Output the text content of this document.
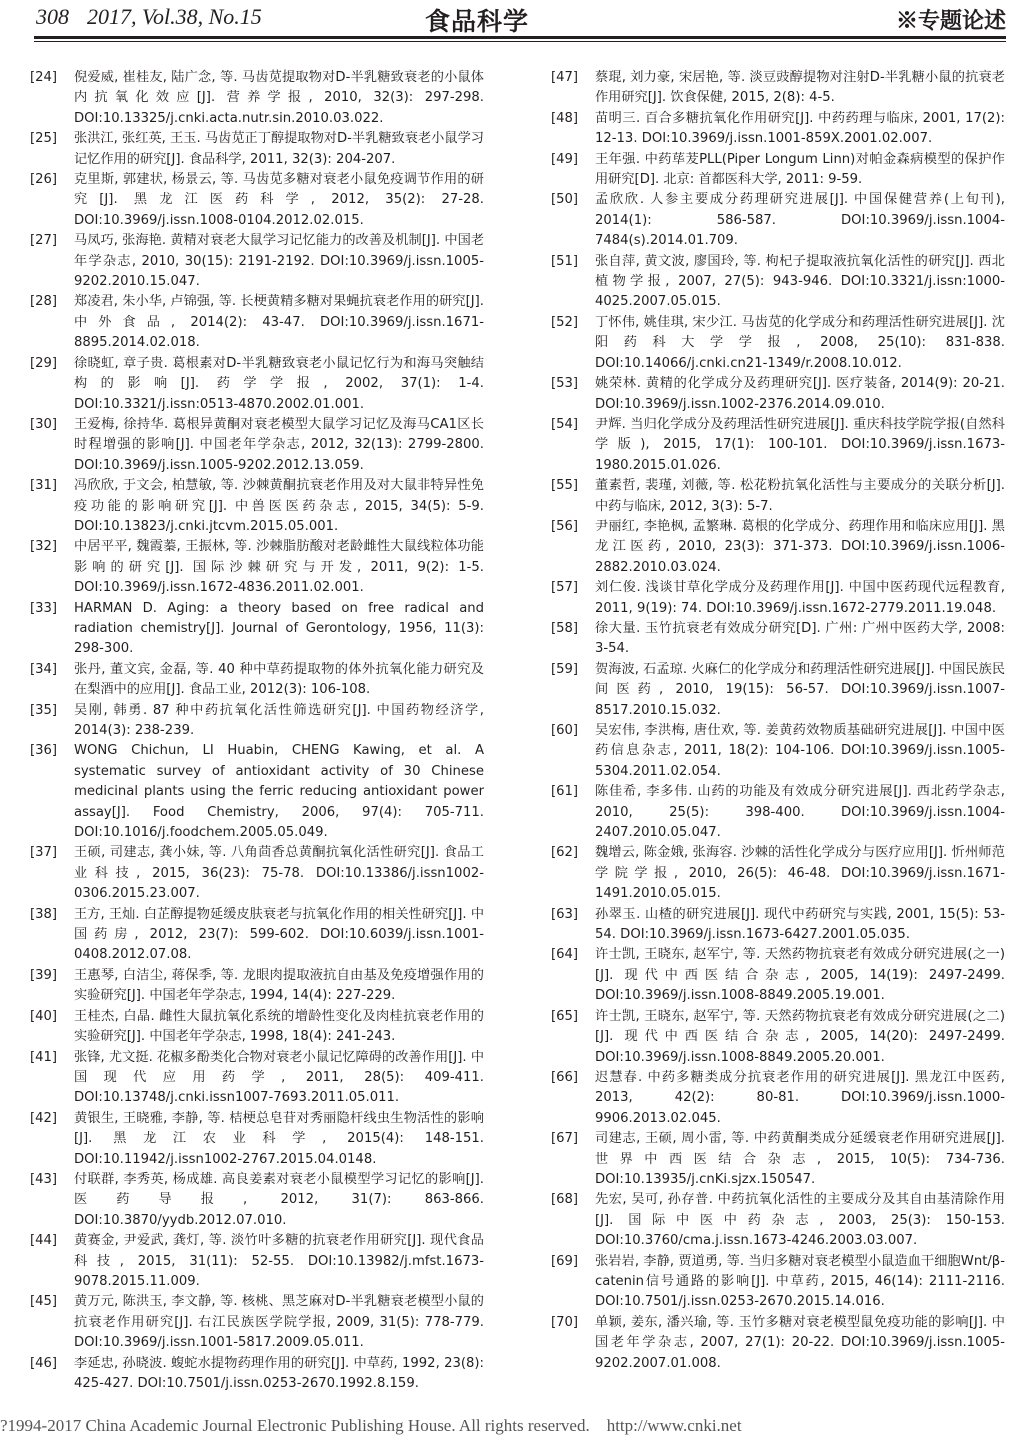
308 2017, Vol.38, No.15	食品科学	※专题论述
[24]	倪爱威, 崔桂友, 陆广念, 等. 马齿苋提取物对D-半乳糖致衰老的小鼠体内抗氧化效应[J]. 营养学报, 2010, 32(3): 297-298. DOI:10.13325/j.cnki.acta.nutr.sin.2010.03.022.
[25]	张洪江, 张红英, 王玉. 马齿苋正丁醇提取物对D-半乳糖致衰老小鼠学习记忆作用的研究[J]. 食品科学, 2011, 32(3): 204-207.
[26]	克里斯, 郭建状, 杨景云, 等. 马齿苋多糖对衰老小鼠免疫调节作用的研究[J]. 黑龙江医药科学, 2012, 35(2): 27-28. DOI:10.3969/j.issn.1008-0104.2012.02.015.
[27]	马凤巧, 张海艳. 黄精对衰老大鼠学习记忆能力的改善及机制[J]. 中国老年学杂志, 2010, 30(15): 2191-2192. DOI:10.3969/j.issn.1005-9202.2010.15.047.
[28]	郑凌君, 朱小华, 卢锦强, 等. 长梗黄精多糖对果蝇抗衰老作用的研究[J]. 中外食品, 2014(2): 43-47. DOI:10.3969/j.issn.1671-8895.2014.02.018.
[29]	徐晓虹, 章子贵. 葛根素对D-半乳糖致衰老小鼠记忆行为和海马突触结构的影响[J]. 药学学报, 2002, 37(1): 1-4. DOI:10.3321/j.issn:0513-4870.2002.01.001.
[30]	王爱梅, 徐持华. 葛根异黄酮对衰老模型大鼠学习记忆及海马CA1区长时程增强的影响[J]. 中国老年学杂志, 2012, 32(13): 2799-2800. DOI:10.3969/j.issn.1005-9202.2012.13.059.
[31]	冯欣欣, 于文会, 柏慧敏, 等. 沙棘黄酮抗衰老作用及对大鼠非特异性免疫功能的影响研究[J]. 中兽医医药杂志, 2015, 34(5): 5-9. DOI:10.13823/j.cnki.jtcvm.2015.05.001.
[32]	中居平平, 魏霞蓁, 王振林, 等. 沙棘脂肪酸对老龄雌性大鼠线粒体功能影响的研究[J]. 国际沙棘研究与开发, 2011, 9(2): 1-5. DOI:10.3969/j.issn.1672-4836.2011.02.001.
[33]	HARMAN D. Aging: a theory based on free radical and radiation chemistry[J]. Journal of Gerontology, 1956, 11(3): 298-300.
[34]	张丹, 董文宾, 金磊, 等. 40 种中草药提取物的体外抗氧化能力研究及在梨酒中的应用[J]. 食品工业, 2012(3): 106-108.
[35]	吴刚, 韩勇. 87 种中药抗氧化活性筛选研究[J]. 中国药物经济学, 2014(3): 238-239.
[36]	WONG Chichun, LI Huabin, CHENG Kawing, et al. A systematic survey of antioxidant activity of 30 Chinese medicinal plants using the ferric reducing antioxidant power assay[J]. Food Chemistry, 2006, 97(4): 705-711. DOI:10.1016/j.foodchem.2005.05.049.
[37]	王硕, 司建志, 龚小妹, 等. 八角茴香总黄酮抗氧化活性研究[J]. 食品工业科技, 2015, 36(23): 75-78. DOI:10.13386/j.issn1002-0306.2015.23.007.
[38]	王方, 王灿. 白芷醇提物延缓皮肤衰老与抗氧化作用的相关性研究[J]. 中国药房, 2012, 23(7): 599-602. DOI:10.6039/j.issn.1001-0408.2012.07.08.
[39]	王惠琴, 白洁尘, 蒋保季, 等. 龙眼肉提取液抗自由基及免疫增强作用的实验研究[J]. 中国老年学杂志, 1994, 14(4): 227-229.
[40]	王桂杰, 白晶. 雌性大鼠抗氧化系统的增龄性变化及肉桂抗衰老作用的实验研究[J]. 中国老年学杂志, 1998, 18(4): 241-243.
[41]	张锋, 尤文挺. 花椒多酚类化合物对衰老小鼠记忆障碍的改善作用[J]. 中国现代应用药学, 2011, 28(5): 409-411. DOI:10.13748/j.cnki.issn1007-7693.2011.05.011.
[42]	黄银生, 王晓雅, 李静, 等. 桔梗总皂苷对秀丽隐杆线虫生物活性的影响[J]. 黑龙江农业科学, 2015(4): 148-151. DOI:10.11942/j.issn1002-2767.2015.04.0148.
[43]	付联群, 李秀英, 杨成雄. 高良姜素对衰老小鼠模型学习记忆的影响[J]. 医药导报, 2012, 31(7): 863-866. DOI:10.3870/yydb.2012.07.010.
[44]	黄赛金, 尹爱武, 龚灯, 等. 淡竹叶多糖的抗衰老作用研究[J]. 现代食品科技, 2015, 31(11): 52-55. DOI:10.13982/j.mfst.1673-9078.2015.11.009.
[45]	黄万元, 陈洪玉, 李文静, 等. 核桃、黑芝麻对D-半乳糖衰老模型小鼠的抗衰老作用研究[J]. 右江民族医学院学报, 2009, 31(5): 778-779. DOI:10.3969/j.issn.1001-5817.2009.05.011.
[46]	李延忠, 孙晓波. 蝮蛇水提物药理作用的研究[J]. 中草药, 1992, 23(8): 425-427. DOI:10.7501/j.issn.0253-2670.1992.8.159.
[47]	蔡琨, 刘力豪, 宋居艳, 等. 淡豆豉醇提物对注射D-半乳糖小鼠的抗衰老作用研究[J]. 饮食保健, 2015, 2(8): 4-5.
[48]	苗明三. 百合多糖抗氧化作用研究[J]. 中药药理与临床, 2001, 17(2): 12-13. DOI:10.3969/j.issn.1001-859X.2001.02.007.
[49]	王年强. 中药荜茇PLL(Piper Longum Linn)对帕金森病模型的保护作用研究[D]. 北京: 首都医科大学, 2011: 9-59.
[50]	孟欣欣. 人参主要成分药理研究进展[J]. 中国保健营养(上旬刊), 2014(1): 586-587. DOI:10.3969/j.issn.1004-7484(s).2014.01.709.
[51]	张自萍, 黄文波, 廖国玲, 等. 枸杞子提取液抗氧化活性的研究[J]. 西北植物学报, 2007, 27(5): 943-946. DOI:10.3321/j.issn:1000-4025.2007.05.015.
[52]	丁怀伟, 姚佳琪, 宋少江. 马齿苋的化学成分和药理活性研究进展[J]. 沈阳药科大学学报, 2008, 25(10): 831-838. DOI:10.14066/j.cnki.cn21-1349/r.2008.10.012.
[53]	姚荣林. 黄精的化学成分及药理研究[J]. 医疗装备, 2014(9): 20-21. DOI:10.3969/j.issn.1002-2376.2014.09.010.
[54]	尹辉. 当归化学成分及药理活性研究进展[J]. 重庆科技学院学报(自然科学版), 2015, 17(1): 100-101. DOI:10.3969/j.issn.1673-1980.2015.01.026.
[55]	董素哲, 裴瑾, 刘薇, 等. 松花粉抗氧化活性与主要成分的关联分析[J]. 中药与临床, 2012, 3(3): 5-7.
[56]	尹丽红, 李艳枫, 孟繁琳. 葛根的化学成分、药理作用和临床应用[J]. 黑龙江医药, 2010, 23(3): 371-373. DOI:10.3969/j.issn.1006-2882.2010.03.024.
[57]	刘仁俊. 浅谈甘草化学成分及药理作用[J]. 中国中医药现代远程教育, 2011, 9(19): 74. DOI:10.3969/j.issn.1672-2779.2011.19.048.
[58]	徐大量. 玉竹抗衰老有效成分研究[D]. 广州: 广州中医药大学, 2008: 3-54.
[59]	贺海波, 石孟琼. 火麻仁的化学成分和药理活性研究进展[J]. 中国民族民间医药, 2010, 19(15): 56-57. DOI:10.3969/j.issn.1007-8517.2010.15.032.
[60]	吴宏伟, 李洪梅, 唐仕欢, 等. 姜黄药效物质基础研究进展[J]. 中国中医药信息杂志, 2011, 18(2): 104-106. DOI:10.3969/j.issn.1005-5304.2011.02.054.
[61]	陈佳希, 李多伟. 山药的功能及有效成分研究进展[J]. 西北药学杂志, 2010, 25(5): 398-400. DOI:10.3969/j.issn.1004-2407.2010.05.047.
[62]	魏增云, 陈金娥, 张海容. 沙棘的活性化学成分与医疗应用[J]. 忻州师范学院学报, 2010, 26(5): 46-48. DOI:10.3969/j.issn.1671-1491.2010.05.015.
[63]	孙翠玉. 山楂的研究进展[J]. 现代中药研究与实践, 2001, 15(5): 53-54. DOI:10.3969/j.issn.1673-6427.2001.05.035.
[64]	许士凯, 王晓东, 赵军宁, 等. 天然药物抗衰老有效成分研究进展(之一)[J]. 现代中西医结合杂志, 2005, 14(19): 2497-2499. DOI:10.3969/j.issn.1008-8849.2005.19.001.
[65]	许士凯, 王晓东, 赵军宁, 等. 天然药物抗衰老有效成分研究进展(之二)[J]. 现代中西医结合杂志, 2005, 14(20): 2497-2499. DOI:10.3969/j.issn.1008-8849.2005.20.001.
[66]	迟慧春. 中药多糖类成分抗衰老作用的研究进展[J]. 黑龙江中医药, 2013, 42(2): 80-81. DOI:10.3969/j.issn.1000-9906.2013.02.045.
[67]	司建志, 王硕, 周小雷, 等. 中药黄酮类成分延缓衰老作用研究进展[J]. 世界中西医结合杂志, 2015, 10(5): 734-736. DOI:10.13935/j.cnKi.sjzx.150547.
[68]	先宏, 吴可, 孙存普. 中药抗氧化活性的主要成分及其自由基清除作用[J]. 国际中医中药杂志, 2003, 25(3): 150-153. DOI:10.3760/cma.j.issn.1673-4246.2003.03.007.
[69]	张岩岩, 李静, 贾道勇, 等. 当归多糖对衰老模型小鼠造血干细胞Wnt/β-catenin信号通路的影响[J]. 中草药, 2015, 46(14): 2111-2116. DOI:10.7501/j.issn.0253-2670.2015.14.016.
[70]	单颖, 姜东, 潘兴瑜, 等. 玉竹多糖对衰老模型鼠免疫功能的影响[J]. 中国老年学杂志, 2007, 27(1): 20-22. DOI:10.3969/j.issn.1005-9202.2007.01.008.
?1994-2017 China Academic Journal Electronic Publishing House. All rights reserved. http://www.cnki.net
